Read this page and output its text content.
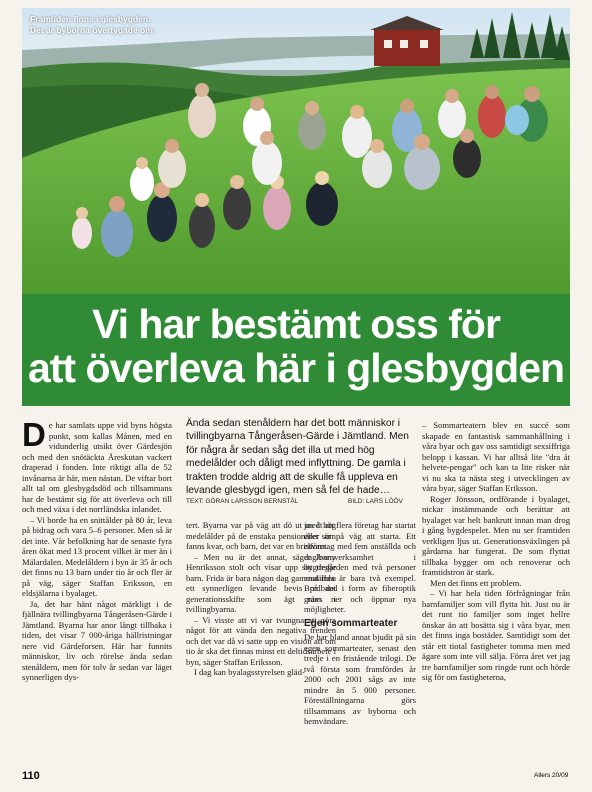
Framtiden finns i glesbygden.
Det är byborna övertygade om.
Vi har bestämt oss för
att överleva här i glesbygden
D e har samlats uppe vid byns högsta punkt, som kallas Månen, med en vidunderlig utsikt över Gärdesjön och med den snötäckta Åreskutan vackert draperad i fonden. Inte riktigt alla de 52 invånarna är här, men nästan. De viftar bort allt tal om glesbygdsdöd och tillsammans har de bestämt sig för att överleva och till och med växa i det norrländska inlandet.

– Vi borde ha en snittålder på 80 år, leva på bidrag och vara 5–6 personer. Men så är det inte. Vår befolkning har de senaste fyra åren ökat med 13 procent vilket är mer än i Mälardalen. Medelåldern i byn är 35 år och det finns nu 13 barn under tio år och fler är på väg, säger Staffan Eriksson, en eldsjälarna i byalaget.

Ja, det har hänt något märkligt i de fjällnära tvillingbyarna Tångeråsen-Gärde i Jämtland. Byarna har anor långt tillbaka i tiden, det visar 7 000-åriga hällristningar nere vid Gärdeforsen. Här har funnits människor, liv och rörelse ända sedan stenåldern, men för tolv år sedan var läget synnerligen dys-

Ända sedan stenåldern har det bott människor i tvillingbyarna Tångeråsen-Gärde i Jämtland. Men för några år sedan såg det illa ut med hög medelålder och dåligt med inflyttning. De gamla i trakten trodde aldrig att de skulle få uppleva en levande glesbygd igen, men så fel de hade…
TEXT: GÖRAN LARSSON BERNSTÅL	BILD: LARS LÖÖV

tert. Byarna var på väg att dö ut med hög medelålder på de enstaka pensionärer som fanns kvar, och barn, det var en bristvara.

– Men nu är det annat, säger Jenny Henriksson stolt och visar upp sitt tredje barn. Frida är bara någon dag gammal men ett synnerligen levande bevis på det generationsskifte som ägt rum i tvillingbyarna.

– Vi visste att vi var tvungna att göra något för att vända den negativa trenden och det var då vi satte upp en vision att om tio år ska det finnas minst ett deltidsarbete i byn, säger Staffan Eriksson.

I dag kan byalagsstyrelsen gläd-

jas åt att flera företag har startat eller är på väg att starta. Ett elföretag med fem anställda och daglbarnverksamhet i bygdegården med två personer anställda är bara två exempel. Bredband i form av fiberoptik grävs ner och öppnar nya möjligheter.

Egen sommarteater

De har bland annat bjudit på sin egen sommarteater, senast den tredje i en fristående trilogi. De två första som framfördes år 2000 och 2001 sågs av inte mindre än 5 000 personer. Föreställningarna görs tillsammans av byborna och hemvändare.

– Sommarteatern blev en succé som skapade en fantastisk sammanhållning i våra byar och gav oss samtidigt sexsiffriga belopp i kassan. Vi har alltså lite "dra åt helvete-pengar" och kan ta lite risker när vi nu ska ta nästa steg i utvecklingen av våra byar, säger Staffan Eriksson.

Roger Jönsson, ordförande i byalaget, nickar instämmande och berättar att byalaget var helt bankrutt innan man drog i gång bygdespelet. Men nu ser framtiden verkligen ljus ut. Generationsväxlingen på gårdarna har fungerat. De som flyttat tillbaka bygger om och renoverar och framtidstron är stark.

Men det finns ett problem.

– Vi har hela tiden förfrågningar från barnfamiljer som vill flytta hit. Just nu är det runt tio familjer som inget hellre önskar än att bosätta sig i våra byar, men det finns inga bostäder. Samtidigt som det står ett tiotal fastigheter tomma men med ägare som inte vill sälja. Förra året vet jag tre barnfamiljer som ringde runt och hörde sig för om fastigheterna,

110	Allers 20/09
